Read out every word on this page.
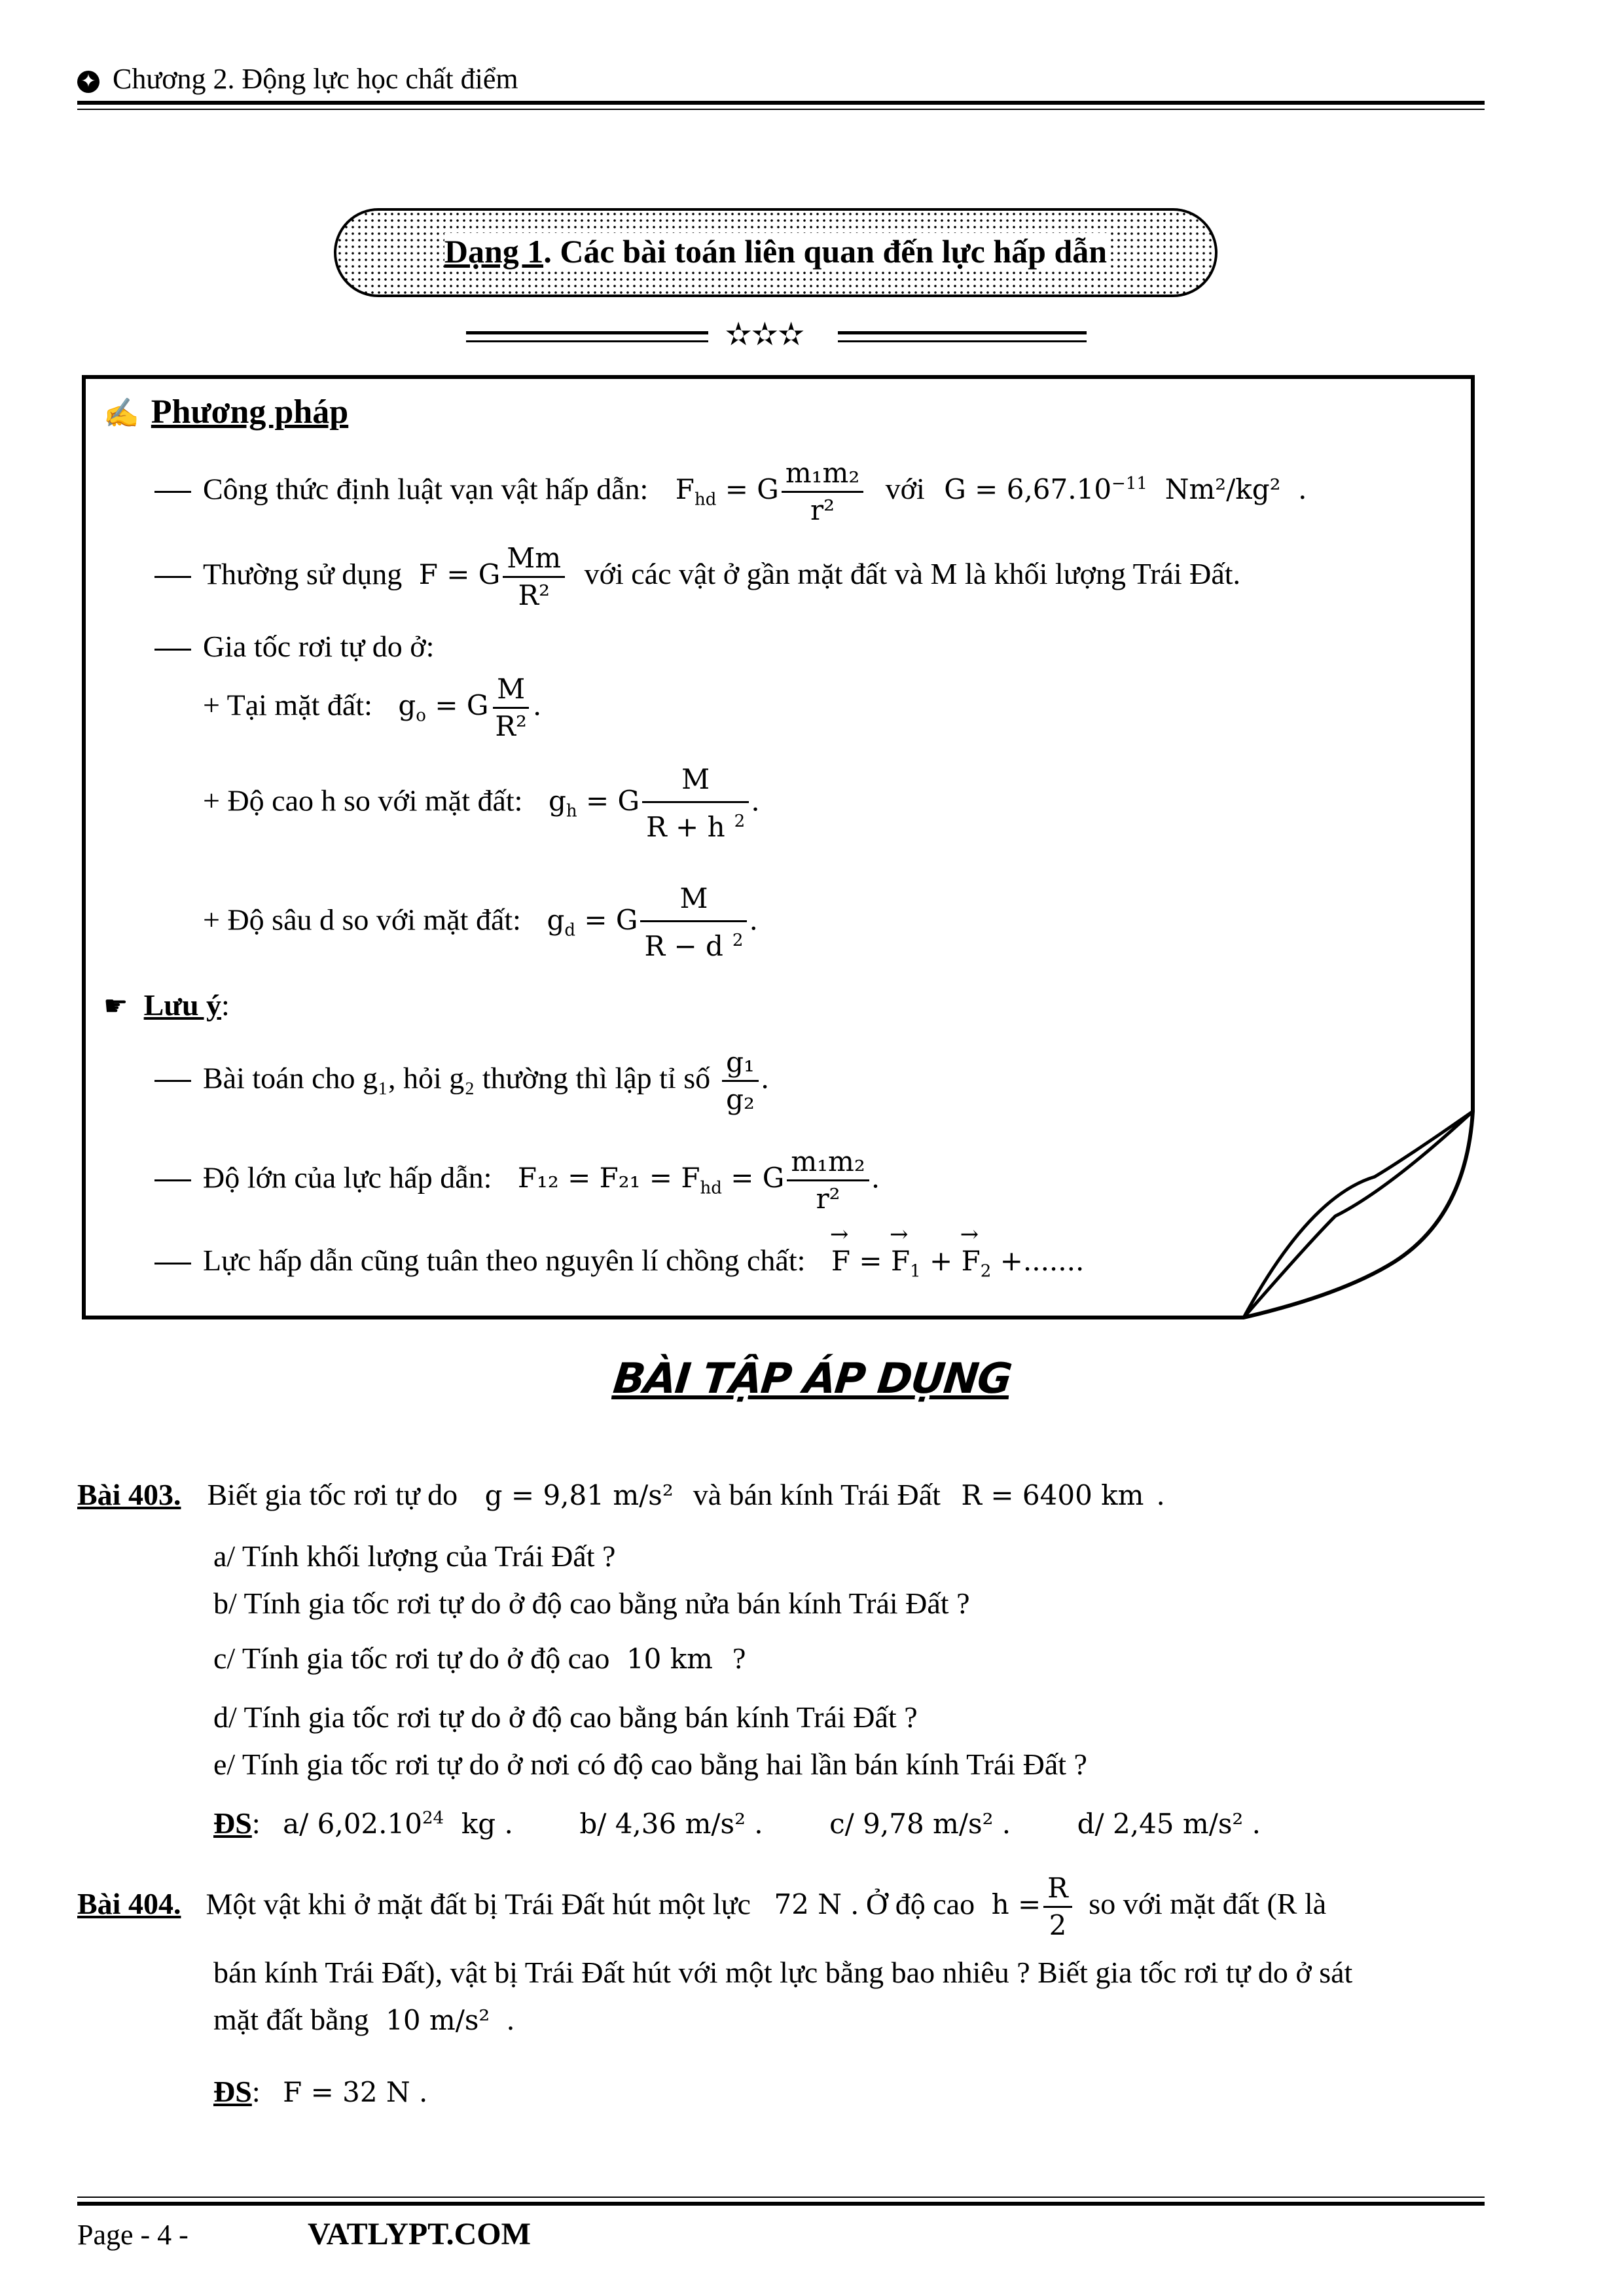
✦ Chương 2. Động lực học chất điểm
Dạng 1. Các bài toán liên quan đến lực hấp dẫn
✫✫✫
✍ Phương pháp
Công thức định luật vạn vật hấp dẫn: $F_{hd} = G \frac{\text{m₁m₂}}{\text{r²}}$ với $G = 6,67.10^{-11}$ Nm²/kg² .
Thường sử dụng F = G $\frac{Mm}{\text{R²}}$ với các vật ở gần mặt đất và M là khối lượng Trái Đất.
Gia tốc rơi tự do ở:
+ Tại mặt đất: $g_o = G \frac{M}{\text{R²}}$ .
+ Độ cao h so với mặt đất: $g_h = G \frac{M}{R + h ^2}$ .
+ Độ sâu d so với mặt đất: $g_d = G \frac{M}{R - d ^2}$ .
☛ Lưu ý:
Bài toán cho g₁, hỏi g₂ thường thì lập tỉ số $\frac{\text{g₁}}{\text{g₂}}$ .
Độ lớn của lực hấp dẫn: $F_{12} = F_{21} = F_{hd} = G \frac{\text{m₁m₂}}{\text{r²}}$ .
Lực hấp dẫn cũng tuân theo nguyên lí chồng chất: → F = → $F_1$ + → $F_2$ +.......
BÀI TẬP ÁP DỤNG
Bài 403. Biết gia tốc rơi tự do g = 9,81 m/s² và bán kính Trái Đất R = 6400 km .
a/ Tính khối lượng của Trái Đất ?
b/ Tính gia tốc rơi tự do ở độ cao bằng nửa bán kính Trái Đất ?
c/ Tính gia tốc rơi tự do ở độ cao 10 km ?
d/ Tính gia tốc rơi tự do ở độ cao bằng bán kính Trái Đất ?
e/ Tính gia tốc rơi tự do ở nơi có độ cao bằng hai lần bán kính Trái Đất ?
ĐS:   a/ 6,02.10$^{24}$ kg . b/ 4,36 m/s² . c/ 9,78 m/s² . d/ 2,45 m/s² .
Bài 404. Một vật khi ở mặt đất bị Trái Đất hút một lực 72 N . Ở độ cao $h = \frac{R}{2}$ so với mặt đất (R là
bán kính Trái Đất), vật bị Trái Đất hút với một lực bằng bao nhiêu ? Biết gia tốc rơi tự do ở sát
mặt đất bằng 10 m/s² .
ĐS:   F = 32 N .
Page - 4 -	VATLYPT.COM
